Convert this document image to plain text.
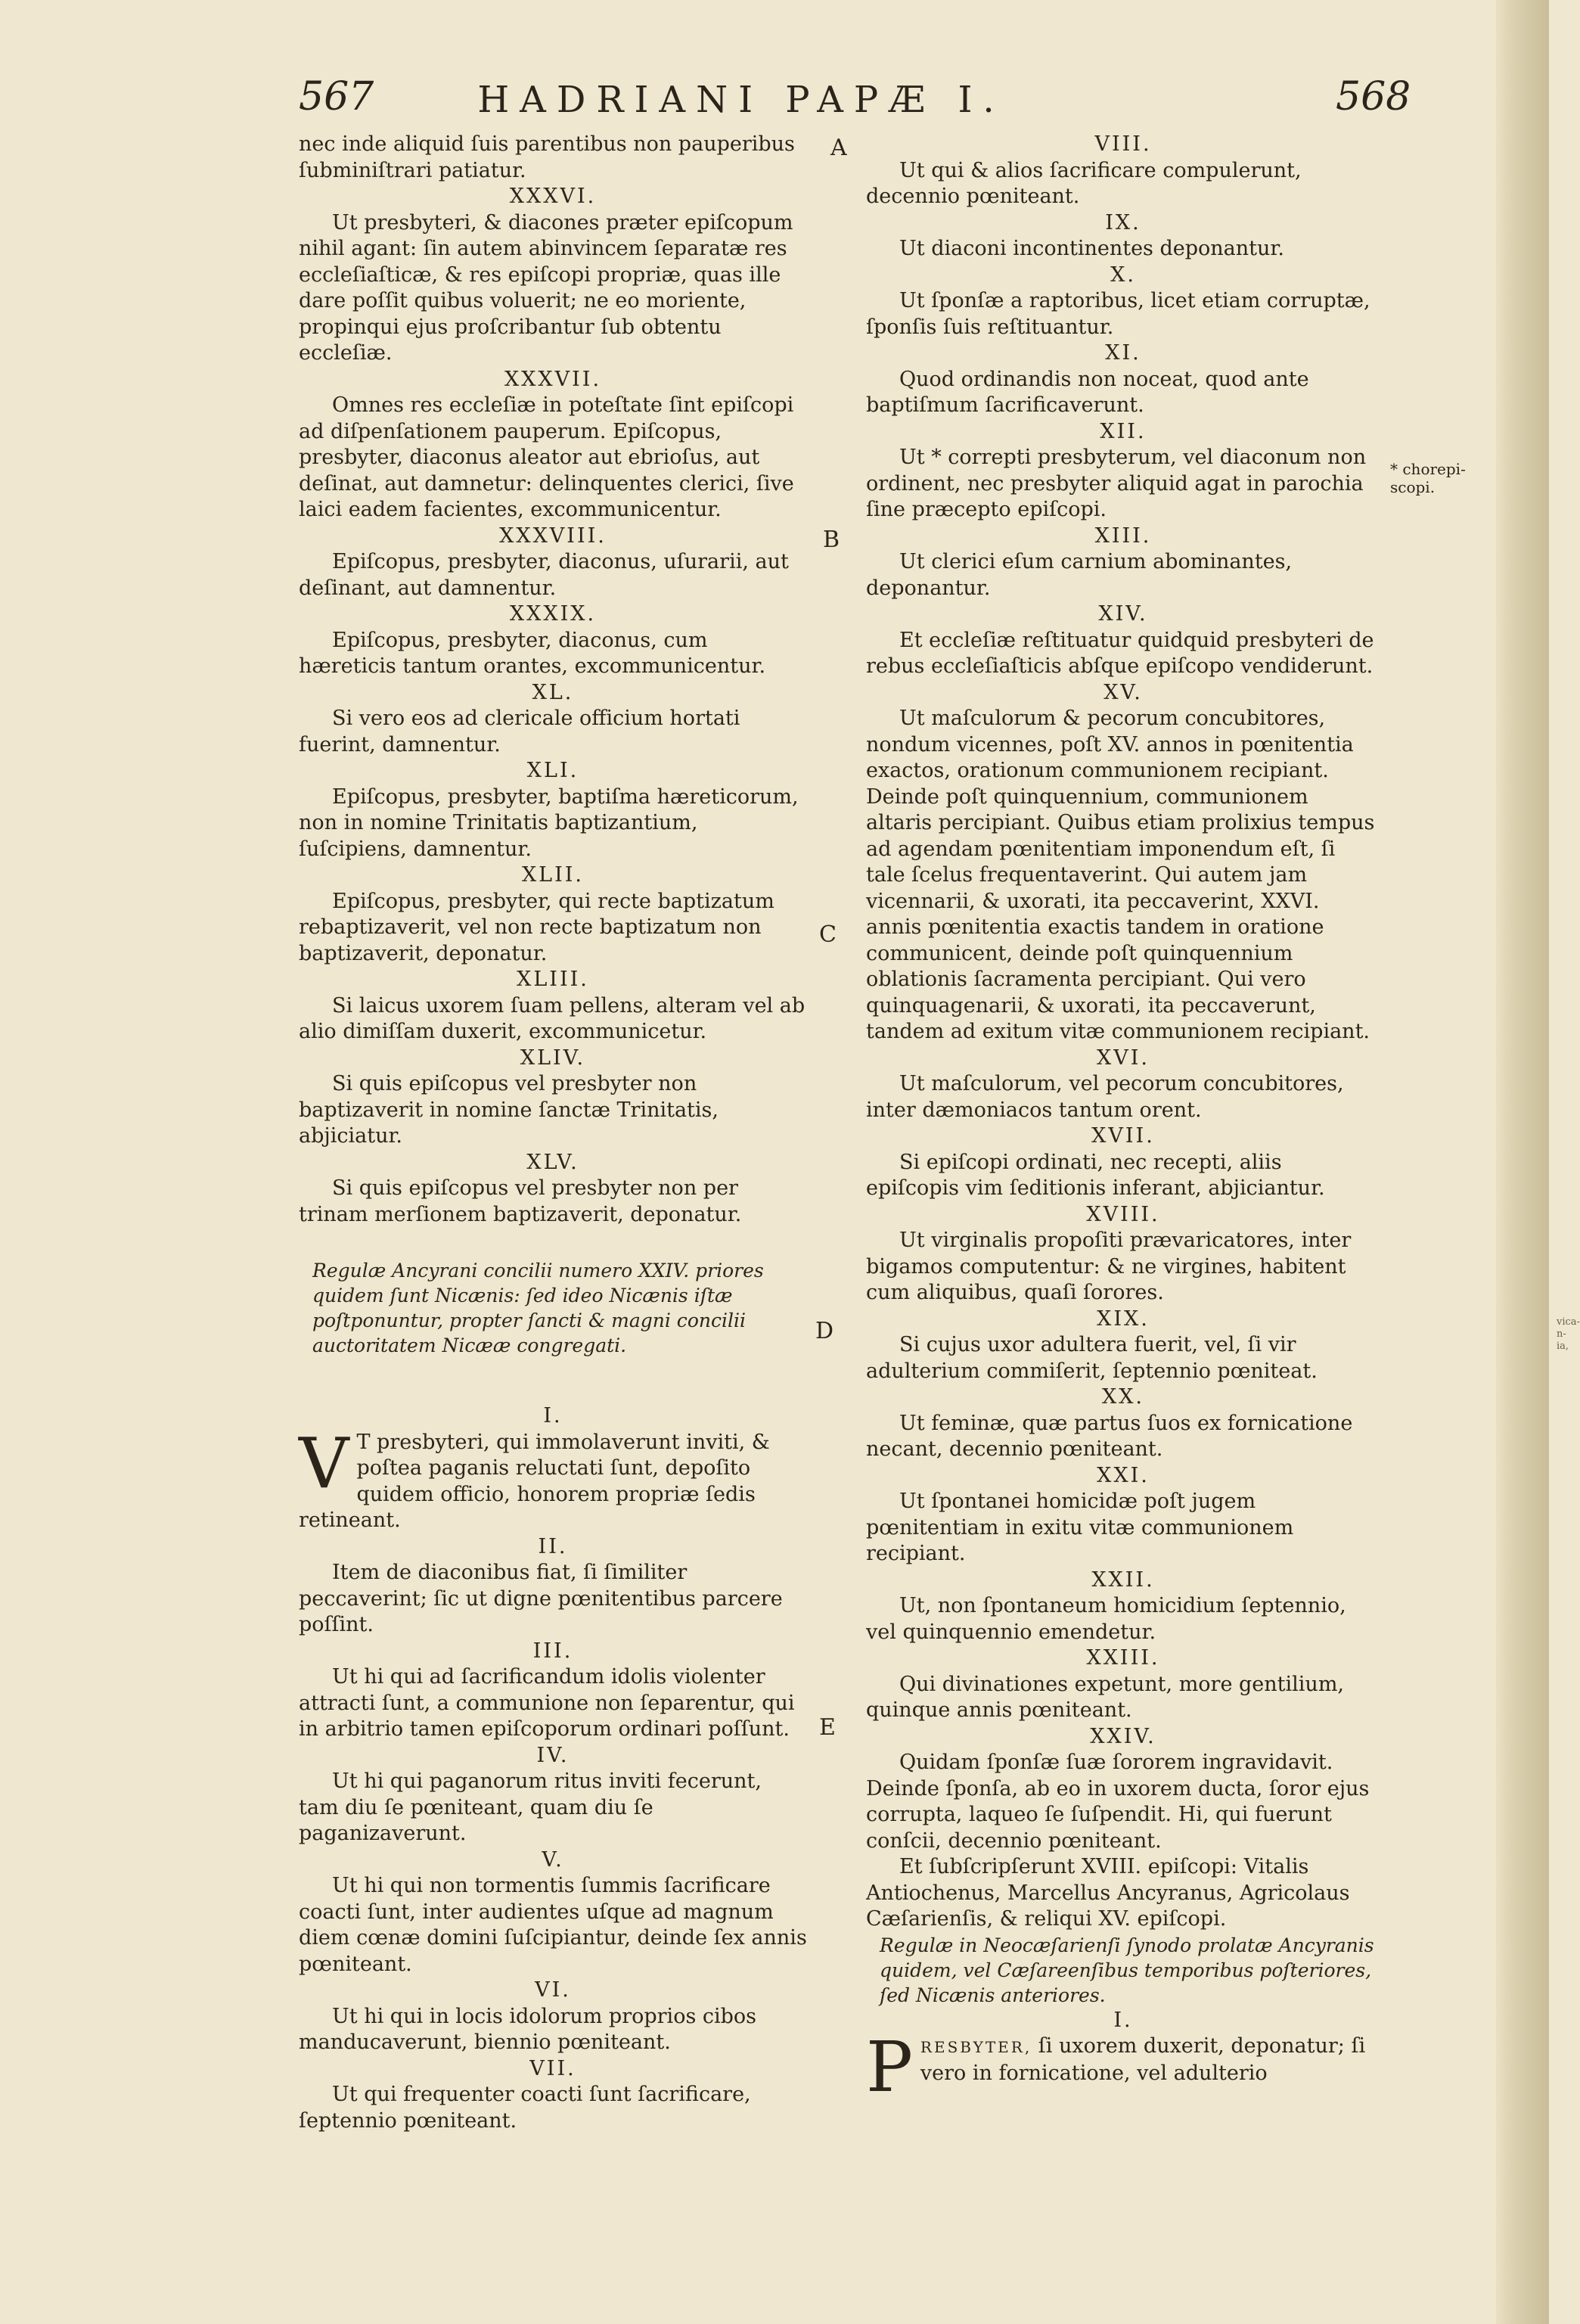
567	HADRIANI PAPÆ I.	568
A
B
C
D
E
* chorepi-
scopi.
vica-
n-
ia,

nec inde aliquid ſuis parentibus non pauperibus ſubminiſtrari patiatur.

XXXVI.

Ut presbyteri, & diacones præter epiſcopum nihil agant: ſin autem abinvincem ſeparatæ res eccleſiaſticæ, & res epiſcopi propriæ, quas ille dare poſſit quibus voluerit; ne eo moriente, propinqui ejus proſcribantur ſub obtentu eccleſiæ.

XXXVII.

Omnes res eccleſiæ in poteſtate ſint epiſcopi ad diſpenſationem pauperum. Epiſcopus, presbyter, diaconus aleator aut ebrioſus, aut deſinat, aut damnetur: delinquentes clerici, ſive laici eadem facientes, excommunicentur.

XXXVIII.

Epiſcopus, presbyter, diaconus, uſurarii, aut deſinant, aut damnentur.

XXXIX.

Epiſcopus, presbyter, diaconus, cum hæreticis tantum orantes, excommunicentur.

XL.

Si vero eos ad clericale officium hortati fuerint, damnentur.

XLI.

Epiſcopus, presbyter, baptiſma hæreticorum, non in nomine Trinitatis baptizantium, ſuſcipiens, damnentur.

XLII.

Epiſcopus, presbyter, qui recte baptizatum rebaptizaverit, vel non recte baptizatum non baptizaverit, deponatur.

XLIII.

Si laicus uxorem ſuam pellens, alteram vel ab alio dimiſſam duxerit, excommunicetur.

XLIV.

Si quis epiſcopus vel presbyter non baptizaverit in nomine ſanctæ Trinitatis, abjiciatur.

XLV.

Si quis epiſcopus vel presbyter non per trinam merſionem baptizaverit, deponatur.

Regulæ Ancyrani concilii numero XXIV. priores quidem ſunt Nicænis: ſed ideo Nicænis iſtæ poſtponuntur, propter ſancti & magni concilii auctoritatem Nicææ congregati.

I.

V T presbyteri, qui immolaverunt inviti, & poſtea paganis reluctati ſunt, depoſito quidem officio, honorem propriæ ſedis retineant.

II.

Item de diaconibus fiat, ſi ſimiliter peccaverint; ſic ut digne pœnitentibus parcere poſſint.

III.

Ut hi qui ad ſacrificandum idolis violenter attracti ſunt, a communione non ſeparentur, qui in arbitrio tamen epiſcoporum ordinari poſſunt.

IV.

Ut hi qui paganorum ritus inviti fecerunt, tam diu ſe pœniteant, quam diu ſe paganizaverunt.

V.

Ut hi qui non tormentis ſummis ſacrificare coacti ſunt, inter audientes uſque ad magnum diem cœnæ domini ſuſcipiantur, deinde ſex annis pœniteant.

VI.

Ut hi qui in locis idolorum proprios cibos manducaverunt, biennio pœniteant.

VII.

Ut qui frequenter coacti ſunt ſacrificare, ſeptennio pœniteant.

VIII.

Ut qui & alios ſacrificare compulerunt, decennio pœniteant.

IX.

Ut diaconi incontinentes deponantur.

X.

Ut ſponſæ a raptoribus, licet etiam corruptæ, ſponſis ſuis reſtituantur.

XI.

Quod ordinandis non noceat, quod ante baptiſmum ſacrificaverunt.

XII.

Ut * correpti presbyterum, vel diaconum non ordinent, nec presbyter aliquid agat in parochia ſine præcepto epiſcopi.

XIII.

Ut clerici eſum carnium abominantes, deponantur.

XIV.

Et eccleſiæ reſtituatur quidquid presbyteri de rebus eccleſiaſticis abſque epiſcopo vendiderunt.

XV.

Ut maſculorum & pecorum concubitores, nondum vicennes, poſt XV. annos in pœnitentia exactos, orationum communionem recipiant. Deinde poſt quinquennium, communionem altaris percipiant. Quibus etiam prolixius tempus ad agendam pœnitentiam imponendum eſt, ſi tale ſcelus frequentaverint. Qui autem jam vicennarii, & uxorati, ita peccaverint, XXVI. annis pœnitentia exactis tandem in oratione communicent, deinde poſt quinquennium oblationis ſacramenta percipiant. Qui vero quinquagenarii, & uxorati, ita peccaverunt, tandem ad exitum vitæ communionem recipiant.

XVI.

Ut maſculorum, vel pecorum concubitores, inter dæmoniacos tantum orent.

XVII.

Si epiſcopi ordinati, nec recepti, aliis epiſcopis vim ſeditionis inferant, abjiciantur.

XVIII.

Ut virginalis propoſiti prævaricatores, inter bigamos computentur: & ne virgines, habitent cum aliquibus, quaſi ſorores.

XIX.

Si cujus uxor adultera fuerit, vel, ſi vir adulterium commiſerit, ſeptennio pœniteat.

XX.

Ut feminæ, quæ partus ſuos ex fornicatione necant, decennio pœniteant.

XXI.

Ut ſpontanei homicidæ poſt jugem pœnitentiam in exitu vitæ communionem recipiant.

XXII.

Ut, non ſpontaneum homicidium ſeptennio, vel quinquennio emendetur.

XXIII.

Qui divinationes expetunt, more gentilium, quinque annis pœniteant.

XXIV.

Quidam ſponſæ ſuæ ſororem ingravidavit. Deinde ſponſa, ab eo in uxorem ducta, ſoror ejus corrupta, laqueo ſe ſuſpendit. Hi, qui fuerunt conſcii, decennio pœniteant.

Et ſubſcripſerunt XVIII. epiſcopi: Vitalis Antiochenus, Marcellus Ancyranus, Agricolaus Cæſarienſis, & reliqui XV. epiſcopi.

Regulæ in Neocæſarienſi ſynodo prolatæ Ancyranis quidem, vel Cæſareenſibus temporibus poſteriores, ſed Nicænis anteriores.

I.

PRESBYTER, ſi uxorem duxerit, deponatur; ſi vero in fornicatione, vel adulterio
